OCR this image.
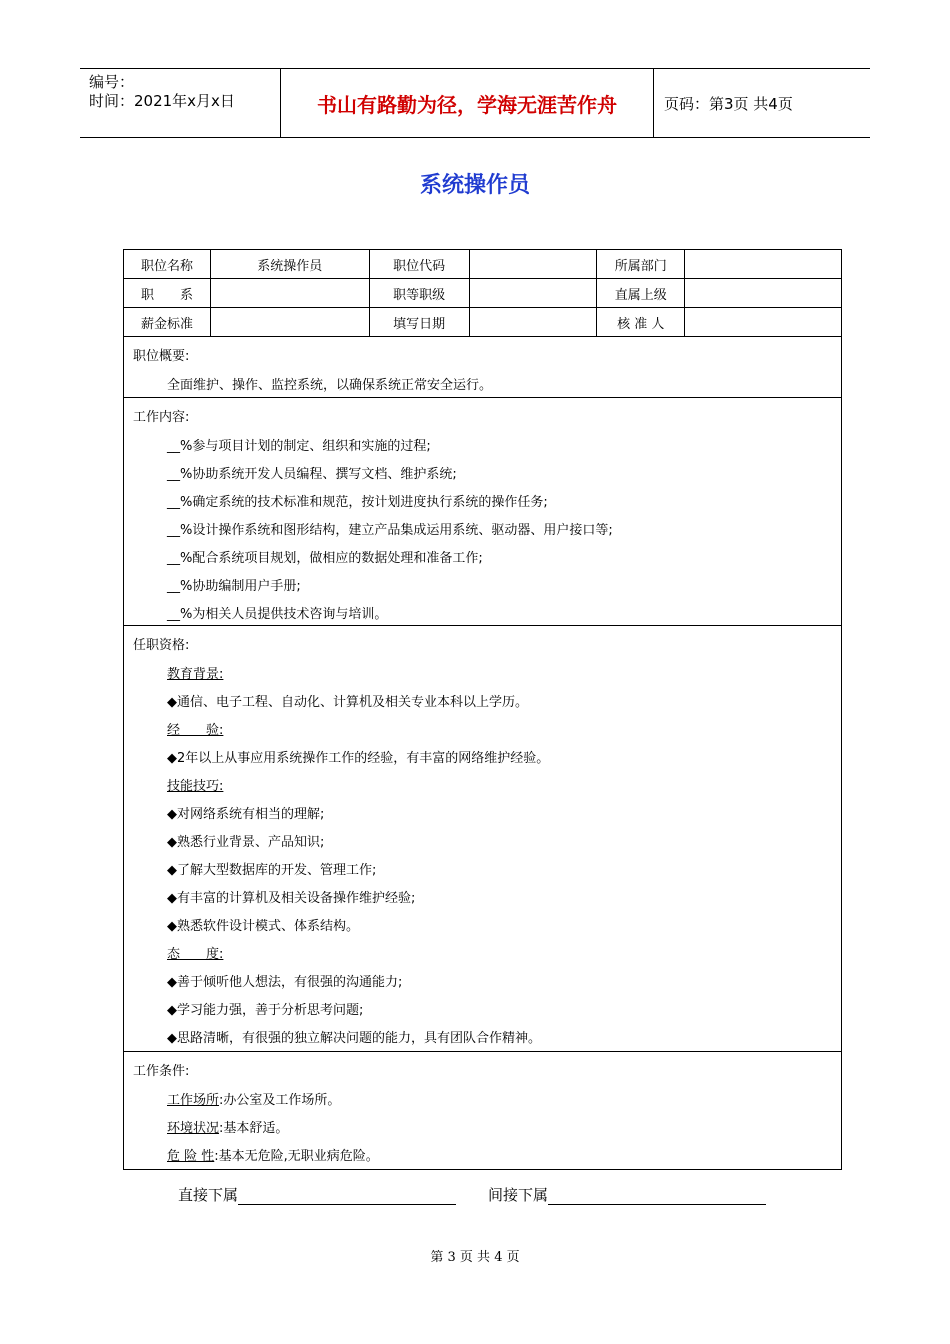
编号：
时间：2021年x月x日	书山有路勤为径，学海无涯苦作舟	页码：第3页 共4页
系统操作员
职位名称	系统操作员	职位代码		所属部门	
职　　系		职等职级		直属上级	
薪金标准		填写日期		核 准 人	
职位概要:
全面维护、操作、监控系统，以确保系统正常安全运行。
工作内容:
__%参与项目计划的制定、组织和实施的过程;
__%协助系统开发人员编程、撰写文档、维护系统;
__%确定系统的技术标准和规范，按计划进度执行系统的操作任务;
__%设计操作系统和图形结构，建立产品集成运用系统、驱动器、用户接口等;
__%配合系统项目规划，做相应的数据处理和准备工作;
__%协助编制用户手册;
__%为相关人员提供技术咨询与培训。
任职资格:
教育背景:
◆通信、电子工程、自动化、计算机及相关专业本科以上学历。
经　　验:
◆2年以上从事应用系统操作工作的经验，有丰富的网络维护经验。
技能技巧:
◆对网络系统有相当的理解;
◆熟悉行业背景、产品知识;
◆了解大型数据库的开发、管理工作;
◆有丰富的计算机及相关设备操作维护经验;
◆熟悉软件设计模式、体系结构。
态　　度:
◆善于倾听他人想法，有很强的沟通能力;
◆学习能力强，善于分析思考问题;
◆思路清晰，有很强的独立解决问题的能力，具有团队合作精神。
工作条件:
工作场所:办公室及工作场所。
环境状况:基本舒适。
危 险 性:基本无危险,无职业病危险。
直接下属	间接下属
第 3 页 共 4 页
